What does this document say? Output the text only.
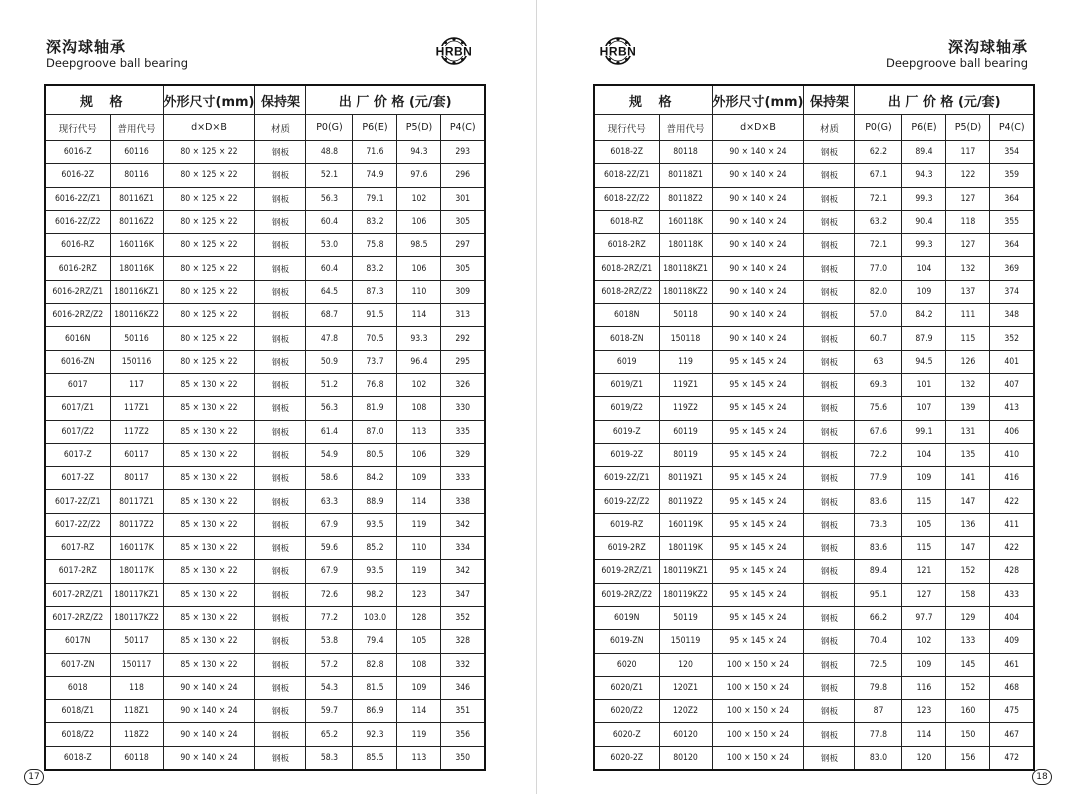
深沟球轴承
Deepgroove ball bearing
规 格		外形尺寸(mm)	保持架	出 厂 价 格 (元/套)			
现行代号	普用代号	d×D×B	材质	P0(G)	P6(E)	P5(D)	P4(C)
6016-Z	60116	80 × 125 × 22	钢板	48.8	71.6	94.3	293
6016-2Z	80116	80 × 125 × 22	钢板	52.1	74.9	97.6	296
6016-2Z/Z1	80116Z1	80 × 125 × 22	钢板	56.3	79.1	102	301
6016-2Z/Z2	80116Z2	80 × 125 × 22	钢板	60.4	83.2	106	305
6016-RZ	160116K	80 × 125 × 22	钢板	53.0	75.8	98.5	297
6016-2RZ	180116K	80 × 125 × 22	钢板	60.4	83.2	106	305
6016-2RZ/Z1	180116KZ1	80 × 125 × 22	钢板	64.5	87.3	110	309
6016-2RZ/Z2	180116KZ2	80 × 125 × 22	钢板	68.7	91.5	114	313
6016N	50116	80 × 125 × 22	钢板	47.8	70.5	93.3	292
6016-ZN	150116	80 × 125 × 22	钢板	50.9	73.7	96.4	295
6017	117	85 × 130 × 22	钢板	51.2	76.8	102	326
6017/Z1	117Z1	85 × 130 × 22	钢板	56.3	81.9	108	330
6017/Z2	117Z2	85 × 130 × 22	钢板	61.4	87.0	113	335
6017-Z	60117	85 × 130 × 22	钢板	54.9	80.5	106	329
6017-2Z	80117	85 × 130 × 22	钢板	58.6	84.2	109	333
6017-2Z/Z1	80117Z1	85 × 130 × 22	钢板	63.3	88.9	114	338
6017-2Z/Z2	80117Z2	85 × 130 × 22	钢板	67.9	93.5	119	342
6017-RZ	160117K	85 × 130 × 22	钢板	59.6	85.2	110	334
6017-2RZ	180117K	85 × 130 × 22	钢板	67.9	93.5	119	342
6017-2RZ/Z1	180117KZ1	85 × 130 × 22	钢板	72.6	98.2	123	347
6017-2RZ/Z2	180117KZ2	85 × 130 × 22	钢板	77.2	103.0	128	352
6017N	50117	85 × 130 × 22	钢板	53.8	79.4	105	328
6017-ZN	150117	85 × 130 × 22	钢板	57.2	82.8	108	332
6018	118	90 × 140 × 24	钢板	54.3	81.5	109	346
6018/Z1	118Z1	90 × 140 × 24	钢板	59.7	86.9	114	351
6018/Z2	118Z2	90 × 140 × 24	钢板	65.2	92.3	119	356
6018-Z	60118	90 × 140 × 24	钢板	58.3	85.5	113	350
17
深沟球轴承
Deepgroove ball bearing
规 格		外形尺寸(mm)	保持架	出 厂 价 格 (元/套)			
现行代号	普用代号	d×D×B	材质	P0(G)	P6(E)	P5(D)	P4(C)
6018-2Z	80118	90 × 140 × 24	钢板	62.2	89.4	117	354
6018-2Z/Z1	80118Z1	90 × 140 × 24	钢板	67.1	94.3	122	359
6018-2Z/Z2	80118Z2	90 × 140 × 24	钢板	72.1	99.3	127	364
6018-RZ	160118K	90 × 140 × 24	钢板	63.2	90.4	118	355
6018-2RZ	180118K	90 × 140 × 24	钢板	72.1	99.3	127	364
6018-2RZ/Z1	180118KZ1	90 × 140 × 24	钢板	77.0	104	132	369
6018-2RZ/Z2	180118KZ2	90 × 140 × 24	钢板	82.0	109	137	374
6018N	50118	90 × 140 × 24	钢板	57.0	84.2	111	348
6018-ZN	150118	90 × 140 × 24	钢板	60.7	87.9	115	352
6019	119	95 × 145 × 24	钢板	63	94.5	126	401
6019/Z1	119Z1	95 × 145 × 24	钢板	69.3	101	132	407
6019/Z2	119Z2	95 × 145 × 24	钢板	75.6	107	139	413
6019-Z	60119	95 × 145 × 24	钢板	67.6	99.1	131	406
6019-2Z	80119	95 × 145 × 24	钢板	72.2	104	135	410
6019-2Z/Z1	80119Z1	95 × 145 × 24	钢板	77.9	109	141	416
6019-2Z/Z2	80119Z2	95 × 145 × 24	钢板	83.6	115	147	422
6019-RZ	160119K	95 × 145 × 24	钢板	73.3	105	136	411
6019-2RZ	180119K	95 × 145 × 24	钢板	83.6	115	147	422
6019-2RZ/Z1	180119KZ1	95 × 145 × 24	钢板	89.4	121	152	428
6019-2RZ/Z2	180119KZ2	95 × 145 × 24	钢板	95.1	127	158	433
6019N	50119	95 × 145 × 24	钢板	66.2	97.7	129	404
6019-ZN	150119	95 × 145 × 24	钢板	70.4	102	133	409
6020	120	100 × 150 × 24	钢板	72.5	109	145	461
6020/Z1	120Z1	100 × 150 × 24	钢板	79.8	116	152	468
6020/Z2	120Z2	100 × 150 × 24	钢板	87	123	160	475
6020-Z	60120	100 × 150 × 24	钢板	77.8	114	150	467
6020-2Z	80120	100 × 150 × 24	钢板	83.0	120	156	472
18
